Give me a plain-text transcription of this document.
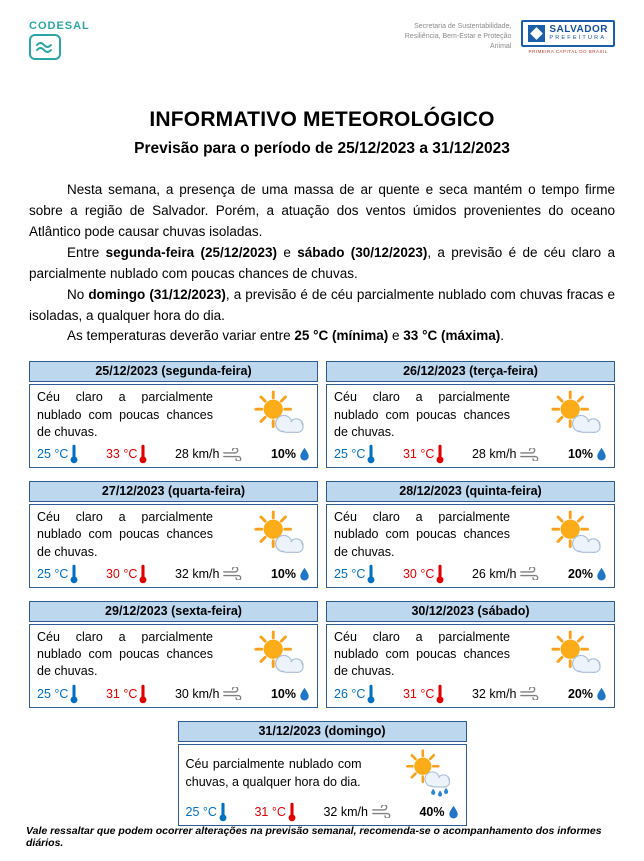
CODESAL	Secretaria de Sustentabilidade, Resiliência, Bem-Estar e Proteção Animal
SALVADOR
PREFEITURA
PRIMEIRA CAPITAL DO BRASIL
INFORMATIVO METEOROLÓGICO
Previsão para o período de 25/12/2023 a 31/12/2023

Nesta semana, a presença de uma massa de ar quente e seca mantém o tempo firme sobre a região de Salvador. Porém, a atuação dos ventos úmidos provenientes do oceano Atlântico pode causar chuvas isoladas.

Entre segunda-feira (25/12/2023) e sábado (30/12/2023), a previsão é de céu claro a parcialmente nublado com poucas chances de chuvas.

No domingo (31/12/2023), a previsão é de céu parcialmente nublado com chuvas fracas e isoladas, a qualquer hora do dia.

As temperaturas deverão variar entre 25 °C (mínima) e 33 °C (máxima).

25/12/2023 (segunda-feira)
Céu claro a parcialmente nublado com poucas chances de chuvas.
25 °C	33 °C	28 km/h	10%
26/12/2023 (terça-feira)
Céu claro a parcialmente nublado com poucas chances de chuvas.
25 °C	31 °C	28 km/h	10%
27/12/2023 (quarta-feira)
Céu claro a parcialmente nublado com poucas chances de chuvas.
25 °C	30 °C	32 km/h	10%
28/12/2023 (quinta-feira)
Céu claro a parcialmente nublado com poucas chances de chuvas.
25 °C	30 °C	26 km/h	20%
29/12/2023 (sexta-feira)
Céu claro a parcialmente nublado com poucas chances de chuvas.
25 °C	31 °C	30 km/h	10%
30/12/2023 (sábado)
Céu claro a parcialmente nublado com poucas chances de chuvas.
26 °C	31 °C	32 km/h	20%
31/12/2023 (domingo)
Céu parcialmente nublado com chuvas, a qualquer hora do dia.
25 °C	31 °C	32 km/h	40%
Vale ressaltar que podem ocorrer alterações na previsão semanal, recomenda-se o acompanhamento dos informes diários.
